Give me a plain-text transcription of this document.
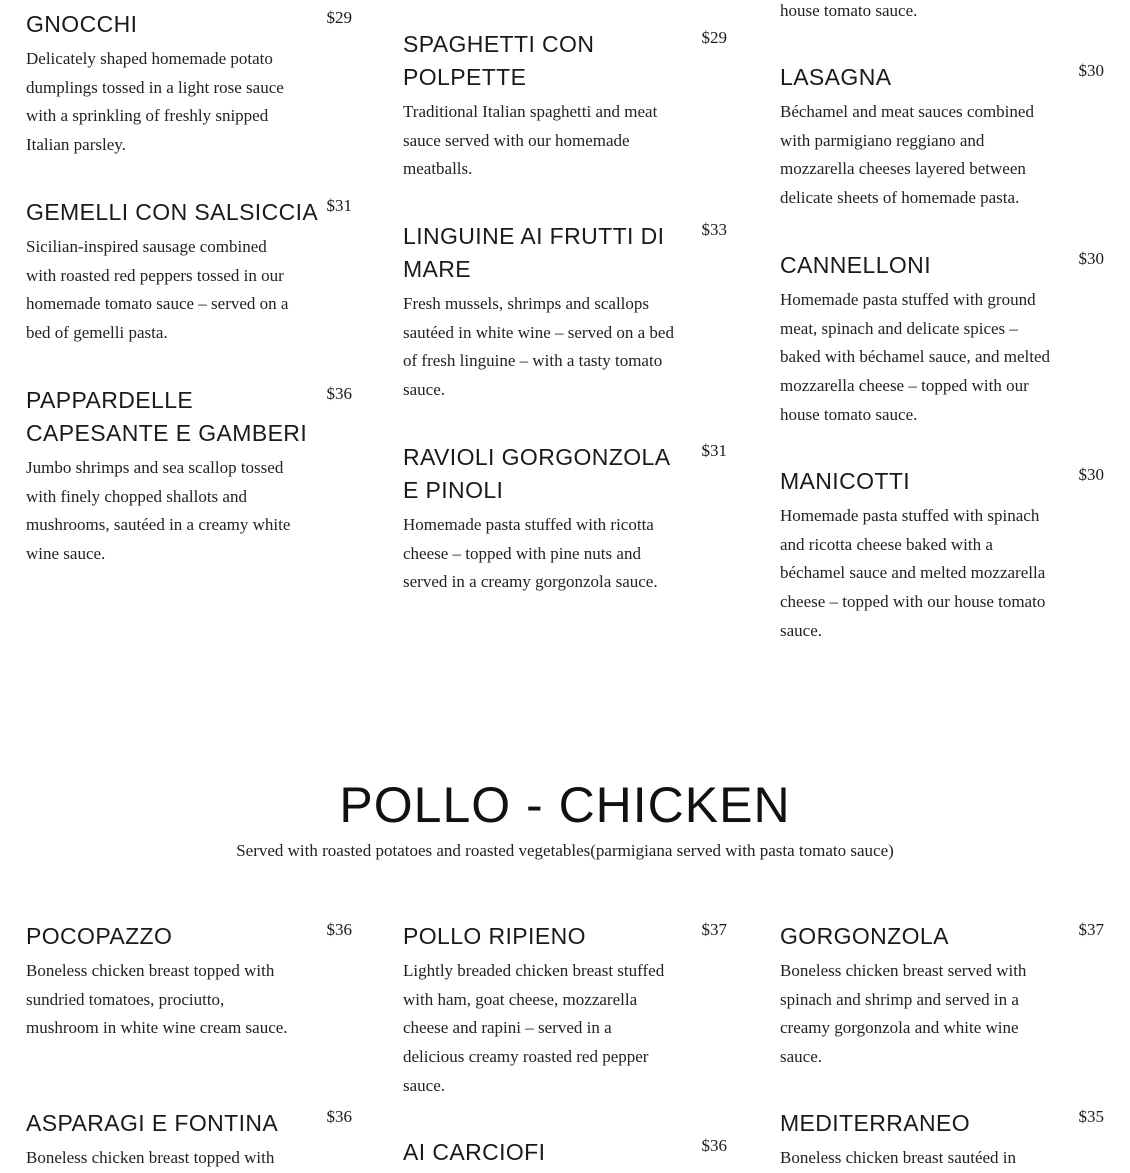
GNOCCHI	$29
Delicately shaped homemade potato dumplings tossed in a light rose sauce with a sprinkling of freshly snipped Italian parsley.
GEMELLI CON SALSICCIA $31
Sicilian-inspired sausage combined with roasted red peppers tossed in our homemade tomato sauce – served on a bed of gemelli pasta.
PAPPARDELLE CAPESANTE E GAMBERI
$36
Jumbo shrimps and sea scallop tossed with finely chopped shallots and mushrooms, sautéed in a creamy white wine sauce.
SPAGHETTI CON POLPETTE
$29
Traditional Italian spaghetti and meat sauce served with our homemade meatballs.
LINGUINE AI FRUTTI DI MARE
$33
Fresh mussels, shrimps and scallops sautéed in white wine – served on a bed of fresh linguine – with a tasty tomato sauce.
RAVIOLI GORGONZOLA E PINOLI
$31
Homemade pasta stuffed with ricotta cheese – topped with pine nuts and served in a creamy gorgonzola sauce.
house tomato sauce.
LASAGNA	$30
Béchamel and meat sauces combined with parmigiano reggiano and mozzarella cheeses layered between delicate sheets of homemade pasta.
CANNELLONI	$30
Homemade pasta stuffed with ground meat, spinach and delicate spices –baked with béchamel sauce, and melted mozzarella cheese – topped with our house tomato sauce.
MANICOTTI	$30
Homemade pasta stuffed with spinach and ricotta cheese baked with a béchamel sauce and melted mozzarella cheese – topped with our house tomato sauce.
POLLO - CHICKEN
Served with roasted potatoes and roasted vegetables(parmigiana served with pasta tomato sauce)
POCOPAZZO	$36
Boneless chicken breast topped with sundried tomatoes, prociutto, mushroom in white wine cream sauce.
ASPARAGI E FONTINA	$36
Boneless chicken breast topped with
POLLO RIPIENO	$37
Lightly breaded chicken breast stuffed with ham, goat cheese, mozzarella cheese and rapini – served in a delicious creamy roasted red pepper sauce.
AI CARCIOFI	$36
GORGONZOLA	$37
Boneless chicken breast served with spinach and shrimp and served in a creamy gorgonzola and white wine sauce.
MEDITERRANEO	$35
Boneless chicken breast sautéed in
